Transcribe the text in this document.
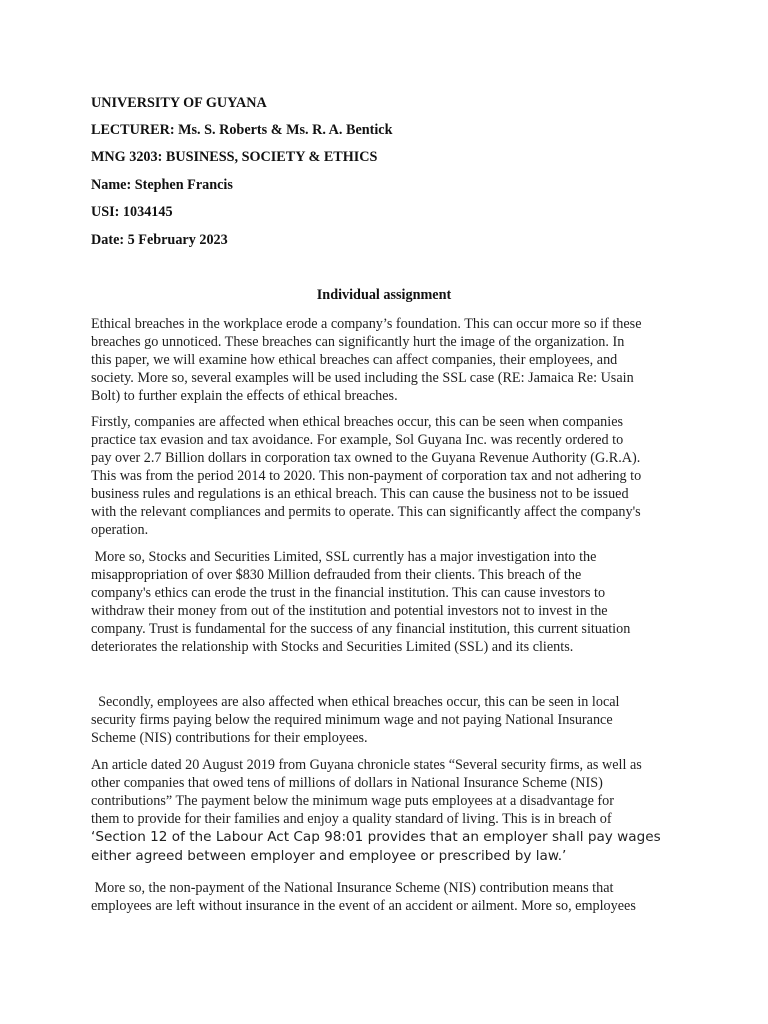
UNIVERSITY OF GUYANA
LECTURER: Ms. S. Roberts & Ms. R. A. Bentick
MNG 3203: BUSINESS, SOCIETY & ETHICS
Name: Stephen Francis
USI: 1034145
Date: 5 February 2023
Individual assignment
Ethical breaches in the workplace erode a company’s foundation. This can occur more so if these
breaches go unnoticed. These breaches can significantly hurt the image of the organization. In
this paper, we will examine how ethical breaches can affect companies, their employees, and
society. More so, several examples will be used including the SSL case (RE: Jamaica Re: Usain
Bolt) to further explain the effects of ethical breaches.
Firstly, companies are affected when ethical breaches occur, this can be seen when companies
practice tax evasion and tax avoidance. For example, Sol Guyana Inc. was recently ordered to
pay over 2.7 Billion dollars in corporation tax owned to the Guyana Revenue Authority (G.R.A).
This was from the period 2014 to 2020. This non-payment of corporation tax and not adhering to
business rules and regulations is an ethical breach. This can cause the business not to be issued
with the relevant compliances and permits to operate. This can significantly affect the company's
operation.
More so, Stocks and Securities Limited, SSL currently has a major investigation into the
misappropriation of over $830 Million defrauded from their clients. This breach of the
company's ethics can erode the trust in the financial institution. This can cause investors to
withdraw their money from out of the institution and potential investors not to invest in the
company. Trust is fundamental for the success of any financial institution, this current situation
deteriorates the relationship with Stocks and Securities Limited (SSL) and its clients.
Secondly, employees are also affected when ethical breaches occur, this can be seen in local
security firms paying below the required minimum wage and not paying National Insurance
Scheme (NIS) contributions for their employees.
An article dated 20 August 2019 from Guyana chronicle states “Several security firms, as well as
other companies that owed tens of millions of dollars in National Insurance Scheme (NIS)
contributions” The payment below the minimum wage puts employees at a disadvantage for
them to provide for their families and enjoy a quality standard of living. This is in breach of
‘Section 12 of the Labour Act Cap 98:01 provides that an employer shall pay wages
either agreed between employer and employee or prescribed by law.’
More so, the non-payment of the National Insurance Scheme (NIS) contribution means that
employees are left without insurance in the event of an accident or ailment. More so, employees
